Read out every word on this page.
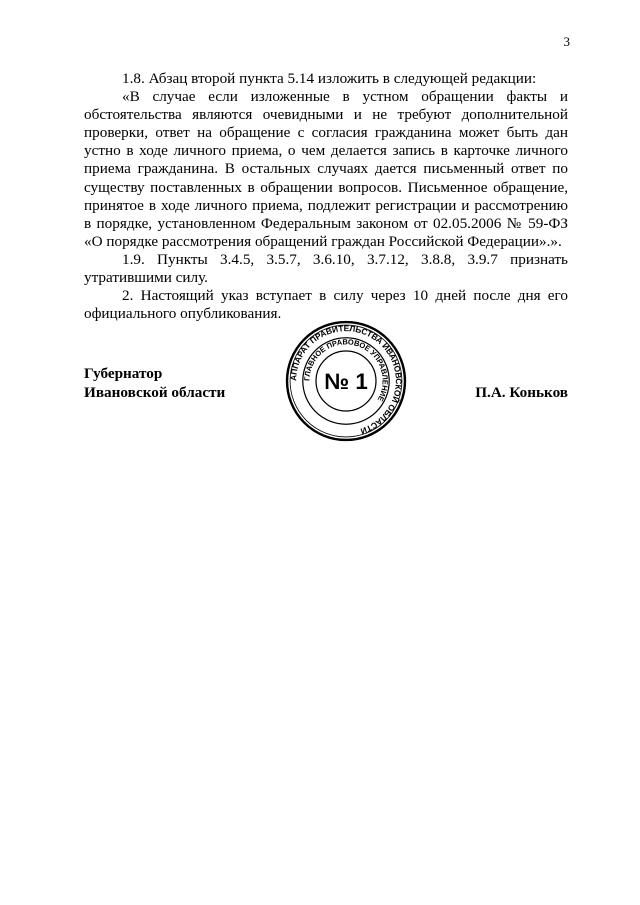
3

1.8. Абзац второй пункта 5.14 изложить в следующей редакции:

«В случае если изложенные в устном обращении факты и обстоятельства являются очевидными и не требуют дополнительной проверки, ответ на обращение с согласия гражданина может быть дан устно в ходе личного приема, о чем делается запись в карточке личного приема гражданина. В остальных случаях дается письменный ответ по существу поставленных в обращении вопросов. Письменное обращение, принятое в ходе личного приема, подлежит регистрации и рассмотрению в порядке, установленном Федеральным законом от 02.05.2006 № 59-ФЗ «О порядке рассмотрения обращений граждан Российской Федерации».».

1.9. Пункты 3.4.5, 3.5.7, 3.6.10, 3.7.12, 3.8.8, 3.9.7 признать утратившими силу.

2. Настоящий указ вступает в силу через 10 дней после дня его официального опубликования.

Губернатор
Ивановской области	П.А. Коньков
АППАРАТ ПРАВИТЕЛЬСТВА ИВАНОВСКОЙ ОБЛАСТИ
ГЛАВНОЕ ПРАВОВОЕ УПРАВЛЕНИЕ
№ 1
